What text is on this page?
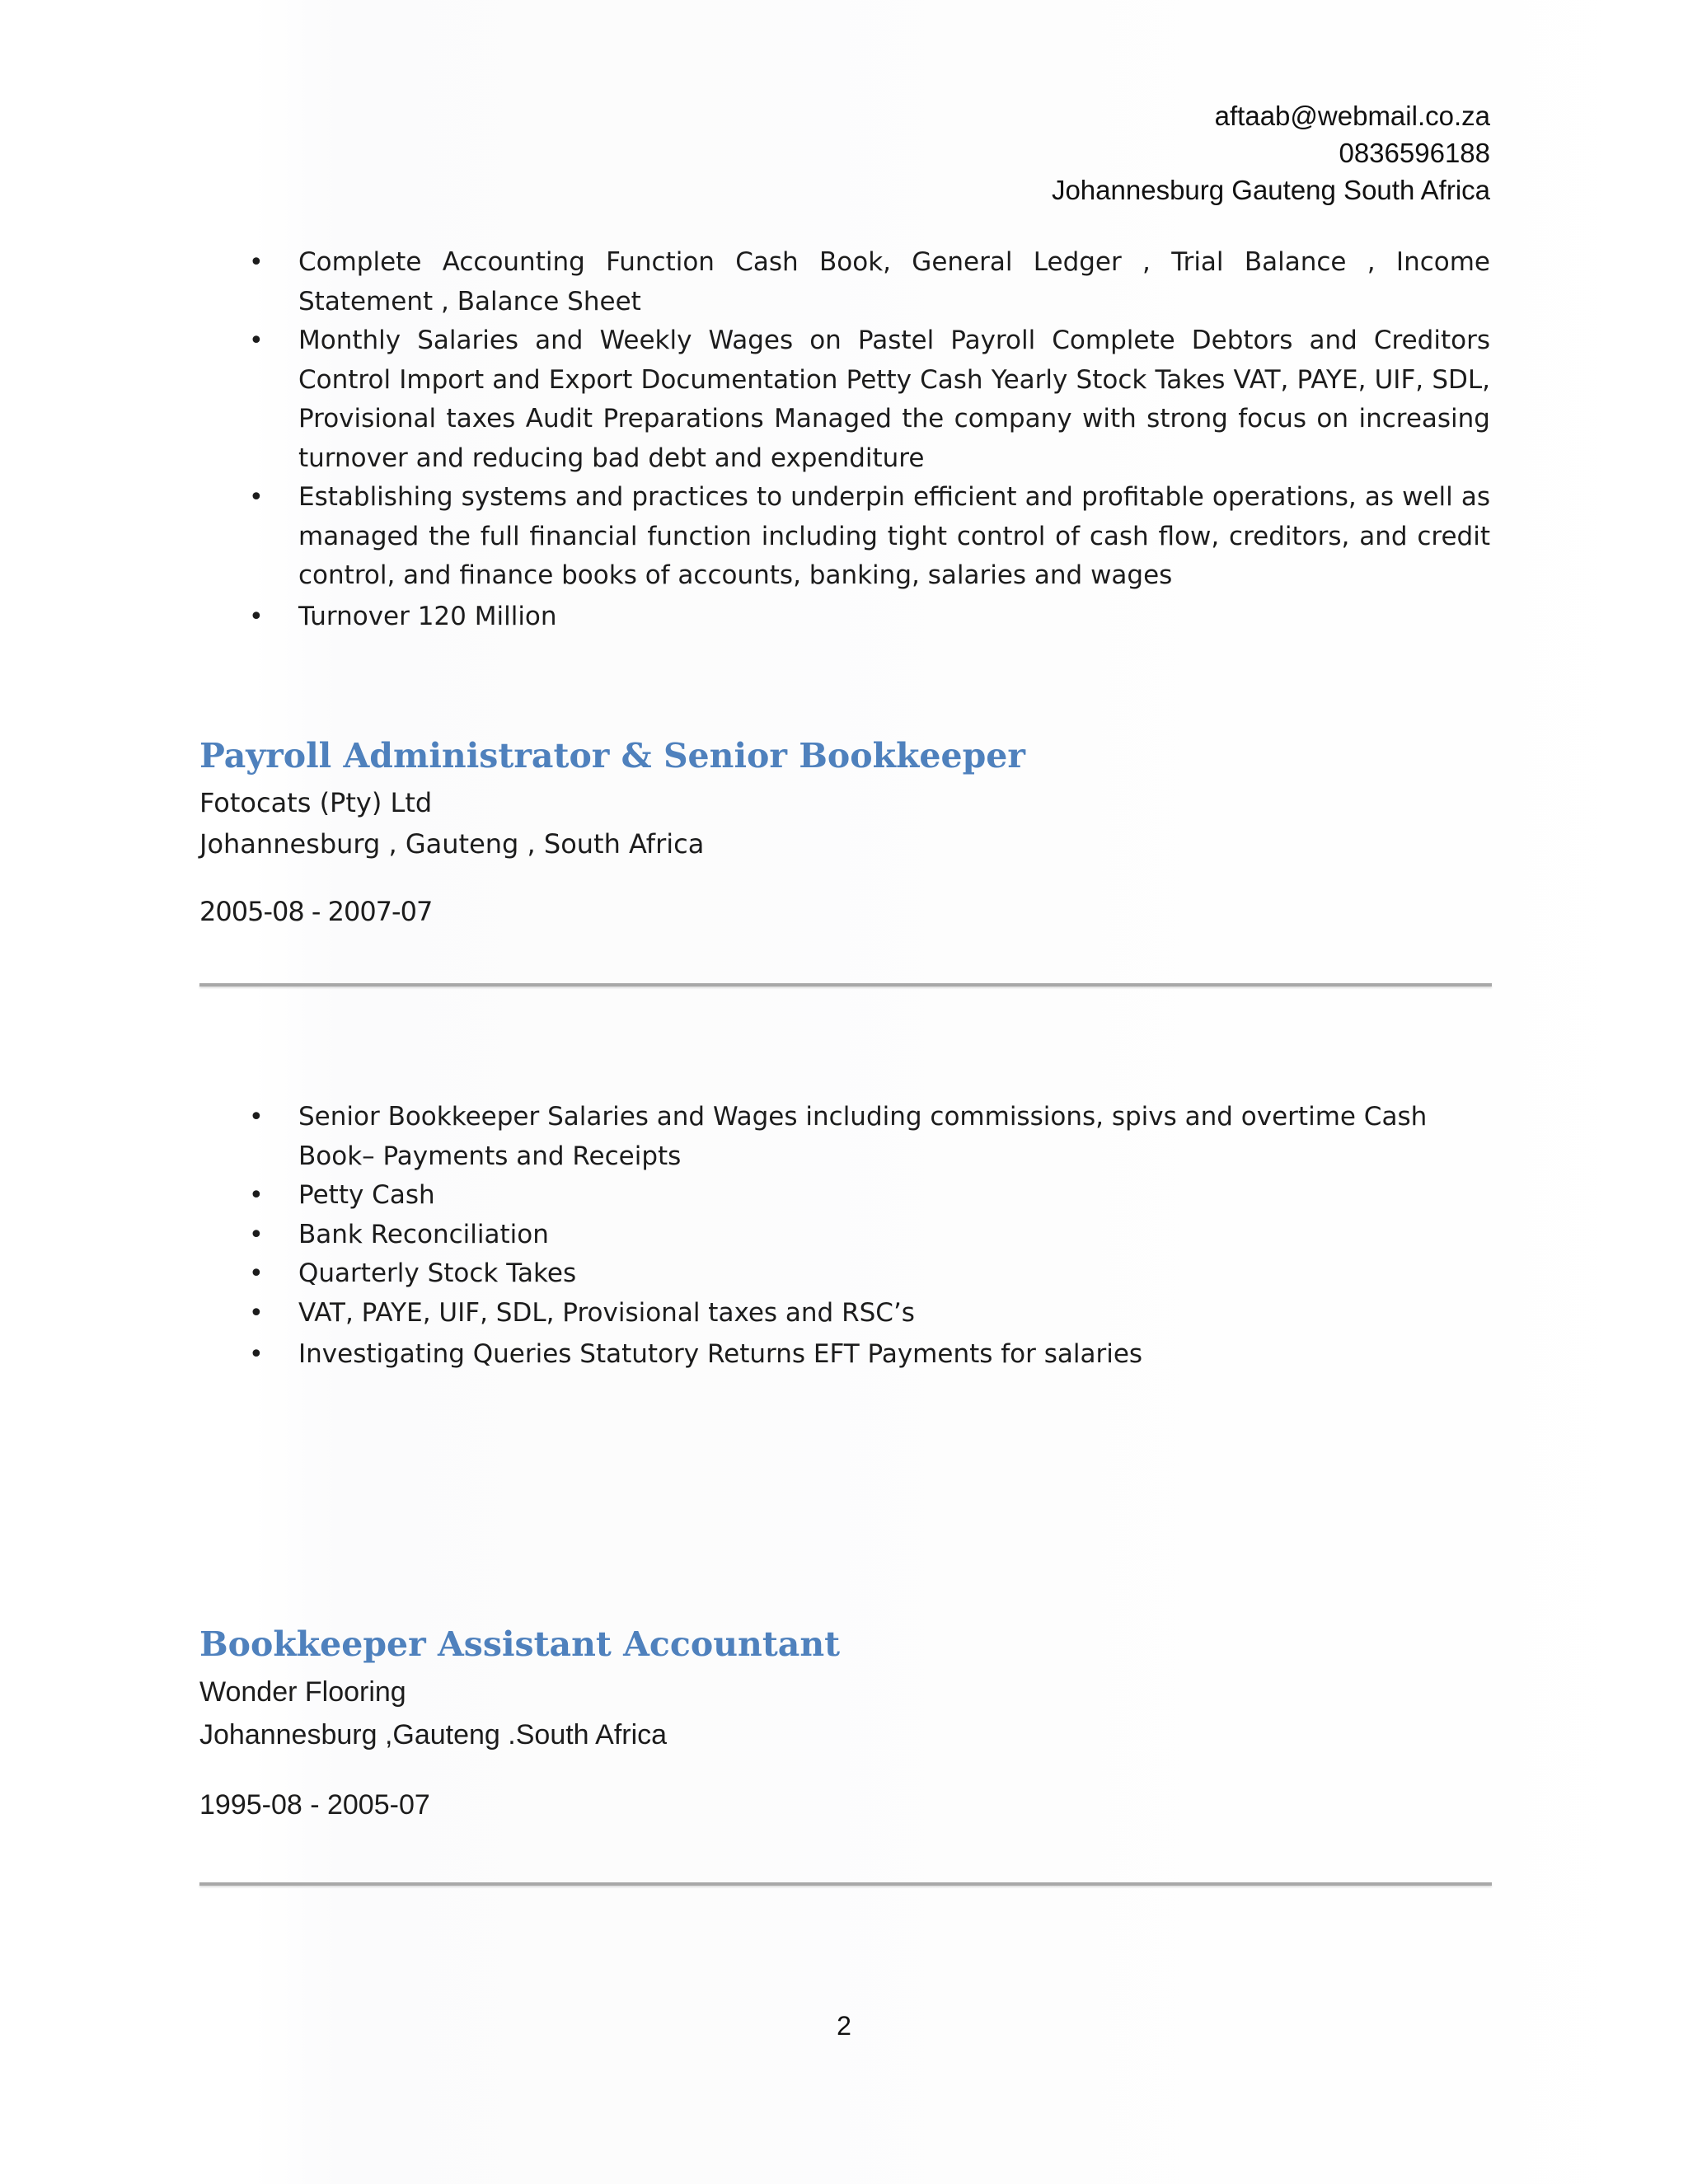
aftaab@webmail.co.za
0836596188
Johannesburg Gauteng South Africa
• Complete Accounting Function Cash Book, General Ledger , Trial Balance , Income Statement , Balance Sheet
• Monthly Salaries and Weekly Wages on Pastel Payroll Complete Debtors and Creditors Control Import and Export Documentation Petty Cash Yearly Stock Takes VAT, PAYE, UIF, SDL, Provisional taxes Audit Preparations Managed the company with strong focus on increasing turnover and reducing bad debt and expenditure
• Establishing systems and practices to underpin efficient and profitable operations, as well as managed the full financial function including tight control of cash flow, creditors, and credit control, and finance books of accounts, banking, salaries and wages
• Turnover 120 Million
Payroll Administrator & Senior Bookkeeper
Fotocats (Pty) Ltd
Johannesburg , Gauteng , South Africa
2005-08 - 2007-07
• Senior Bookkeeper Salaries and Wages including commissions, spivs and overtime Cash Book– Payments and Receipts
• Petty Cash
• Bank Reconciliation
• Quarterly Stock Takes
• VAT, PAYE, UIF, SDL, Provisional taxes and RSC’s
• Investigating Queries Statutory Returns EFT Payments for salaries
Bookkeeper Assistant Accountant
Wonder Flooring
Johannesburg ,Gauteng .South Africa
1995-08 - 2005-07
2
